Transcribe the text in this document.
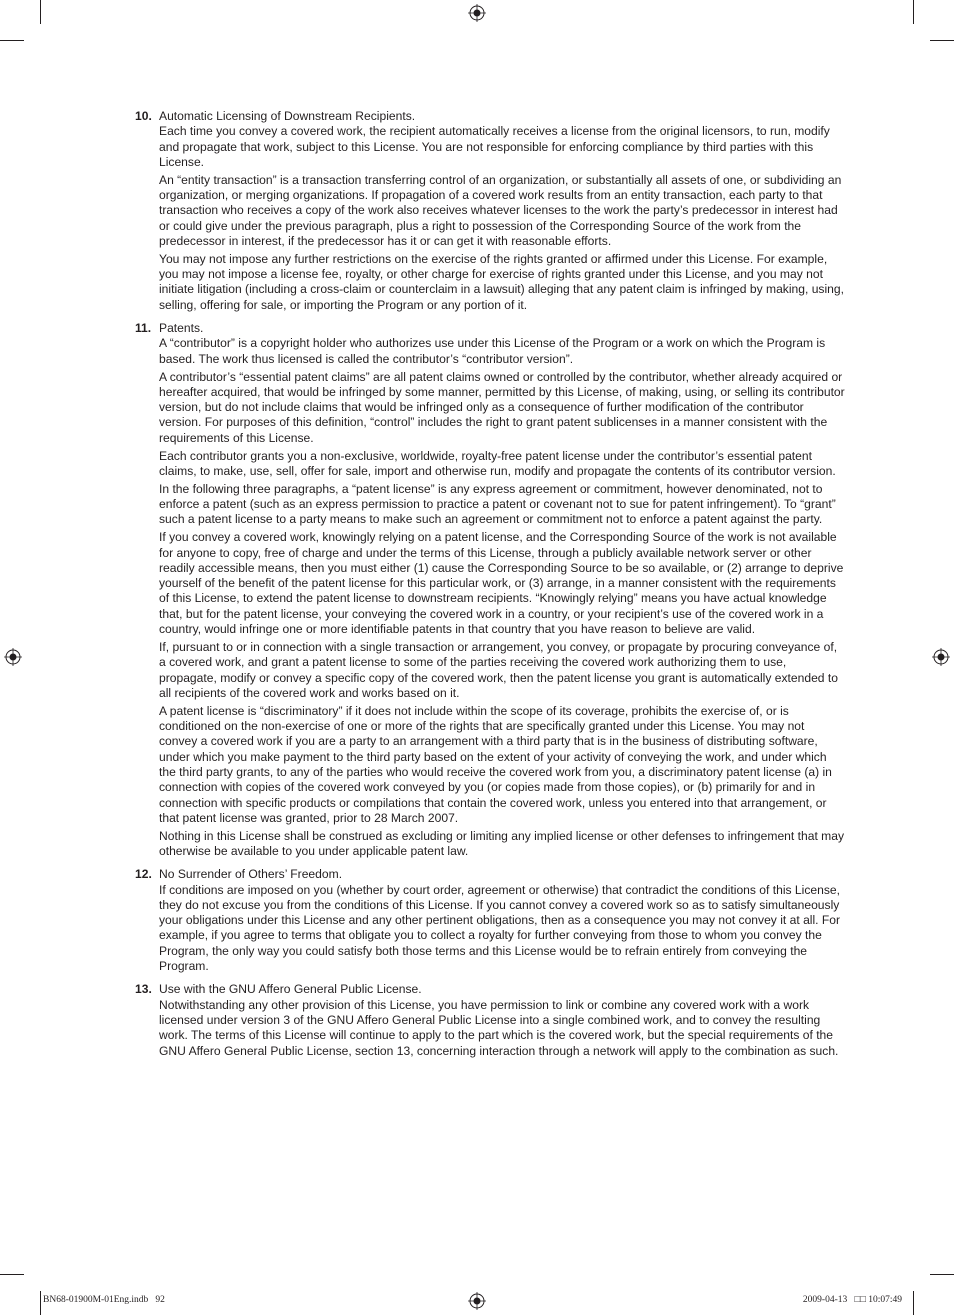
10. Automatic Licensing of Downstream Recipients.
Each time you convey a covered work, the recipient automatically receives a license from the original licensors, to run, modify and propagate that work, subject to this License. You are not responsible for enforcing compliance by third parties with this License.
An “entity transaction” is a transaction transferring control of an organization, or substantially all assets of one, or subdividing an organization, or merging organizations. If propagation of a covered work results from an entity transaction, each party to that transaction who receives a copy of the work also receives whatever licenses to the work the party’s predecessor in interest had or could give under the previous paragraph, plus a right to possession of the Corresponding Source of the work from the predecessor in interest, if the predecessor has it or can get it with reasonable efforts.
You may not impose any further restrictions on the exercise of the rights granted or affirmed under this License. For example, you may not impose a license fee, royalty, or other charge for exercise of rights granted under this License, and you may not initiate litigation (including a cross-claim or counterclaim in a lawsuit) alleging that any patent claim is infringed by making, using, selling, offering for sale, or importing the Program or any portion of it.
11. Patents.
A “contributor” is a copyright holder who authorizes use under this License of the Program or a work on which the Program is based. The work thus licensed is called the contributor’s “contributor version”.
A contributor’s “essential patent claims” are all patent claims owned or controlled by the contributor, whether already acquired or hereafter acquired, that would be infringed by some manner, permitted by this License, of making, using, or selling its contributor version, but do not include claims that would be infringed only as a consequence of further modification of the contributor version. For purposes of this definition, “control” includes the right to grant patent sublicenses in a manner consistent with the requirements of this License.
Each contributor grants you a non-exclusive, worldwide, royalty-free patent license under the contributor’s essential patent claims, to make, use, sell, offer for sale, import and otherwise run, modify and propagate the contents of its contributor version.
In the following three paragraphs, a “patent license” is any express agreement or commitment, however denominated, not to enforce a patent (such as an express permission to practice a patent or covenant not to sue for patent infringement). To “grant” such a patent license to a party means to make such an agreement or commitment not to enforce a patent against the party.
If you convey a covered work, knowingly relying on a patent license, and the Corresponding Source of the work is not available for anyone to copy, free of charge and under the terms of this License, through a publicly available network server or other readily accessible means, then you must either (1) cause the Corresponding Source to be so available, or (2) arrange to deprive yourself of the benefit of the patent license for this particular work, or (3) arrange, in a manner consistent with the requirements of this License, to extend the patent license to downstream recipients. “Knowingly relying” means you have actual knowledge that, but for the patent license, your conveying the covered work in a country, or your recipient’s use of the covered work in a country, would infringe one or more identifiable patents in that country that you have reason to believe are valid.
If, pursuant to or in connection with a single transaction or arrangement, you convey, or propagate by procuring conveyance of, a covered work, and grant a patent license to some of the parties receiving the covered work authorizing them to use, propagate, modify or convey a specific copy of the covered work, then the patent license you grant is automatically extended to all recipients of the covered work and works based on it.
A patent license is “discriminatory” if it does not include within the scope of its coverage, prohibits the exercise of, or is conditioned on the non-exercise of one or more of the rights that are specifically granted under this License. You may not convey a covered work if you are a party to an arrangement with a third party that is in the business of distributing software, under which you make payment to the third party based on the extent of your activity of conveying the work, and under which the third party grants, to any of the parties who would receive the covered work from you, a discriminatory patent license (a) in connection with copies of the covered work conveyed by you (or copies made from those copies), or (b) primarily for and in connection with specific products or compilations that contain the covered work, unless you entered into that arrangement, or that patent license was granted, prior to 28 March 2007.
Nothing in this License shall be construed as excluding or limiting any implied license or other defenses to infringement that may otherwise be available to you under applicable patent law.
12. No Surrender of Others’ Freedom.
If conditions are imposed on you (whether by court order, agreement or otherwise) that contradict the conditions of this License, they do not excuse you from the conditions of this License. If you cannot convey a covered work so as to satisfy simultaneously your obligations under this License and any other pertinent obligations, then as a consequence you may not convey it at all. For example, if you agree to terms that obligate you to collect a royalty for further conveying from those to whom you convey the Program, the only way you could satisfy both those terms and this License would be to refrain entirely from conveying the Program.
13. Use with the GNU Affero General Public License.
Notwithstanding any other provision of this License, you have permission to link or combine any covered work with a work licensed under version 3 of the GNU Affero General Public License into a single combined work, and to convey the resulting work. The terms of this License will continue to apply to the part which is the covered work, but the special requirements of the GNU Affero General Public License, section 13, concerning interaction through a network will apply to the combination as such.
BN68-01900M-01Eng.indb   92	2009-04-13   □□ 10:07:49
